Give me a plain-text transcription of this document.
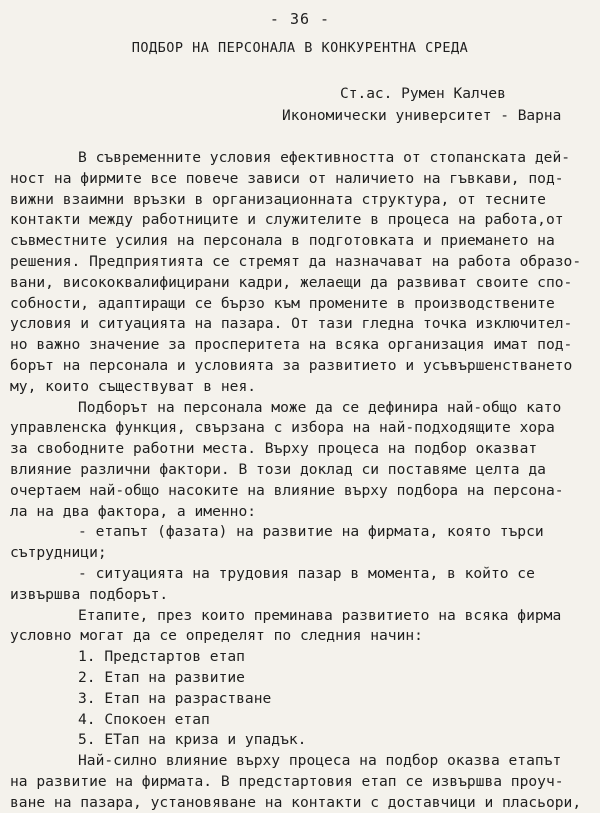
- 36 -
ПОДБОР НА ПЕРСОНАЛА В КОНКУРЕНТНА СРЕДА
Ст.ас. Румен Калчев
Икономически университет - Варна
В съвременните условия ефективността от стопанската дей-
ност на фирмите все повече зависи от наличието на гъвкави, под-
вижни взаимни връзки в организационната структура, от тесните
контакти между работниците и служителите в процеса на работа,от
съвместните усилия на персонала в подготовката и приемането на
решения. Предприятията се стремят да назначават на работа образо-
вани, висококвалифицирани кадри, желаещи да развиват своите спо-
собности, адаптиращи се бързо към промените в производствените
условия и ситуацията на пазара. От тази гледна точка изключител-
но важно значение за просперитета на всяка организация имат под-
борът на персонала и условията за развитието и усъвършенстването
му, които съществуват в нея.
Подборът на персонала може да се дефинира най-общо като
управленска функция, свързана с избора на най-подходящите хора
за свободните работни места. Върху процеса на подбор оказват
влияние различни фактори. В този доклад си поставяме целта да
очертаем най-общо насоките на влияние върху подбора на персона-
ла на два фактора, а именно:
- етапът (фазата) на развитие на фирмата, която търси
сътрудници;
- ситуацията на трудовия пазар в момента, в който се
извършва подборът.
Етапите, през които преминава развитието на всяка фирма
условно могат да се определят по следния начин:
1. Предстартов етап
2. Етап на развитие
3. Етап на разрастване
4. Спокоен етап
5. ЕТап на криза и упадък.
Най-силно влияние върху процеса на подбор оказва етапът
на развитие на фирмата. В предстартовия етап се извършва проуч-
ване на пазара, установяване на контакти с доставчици и пласьори,
